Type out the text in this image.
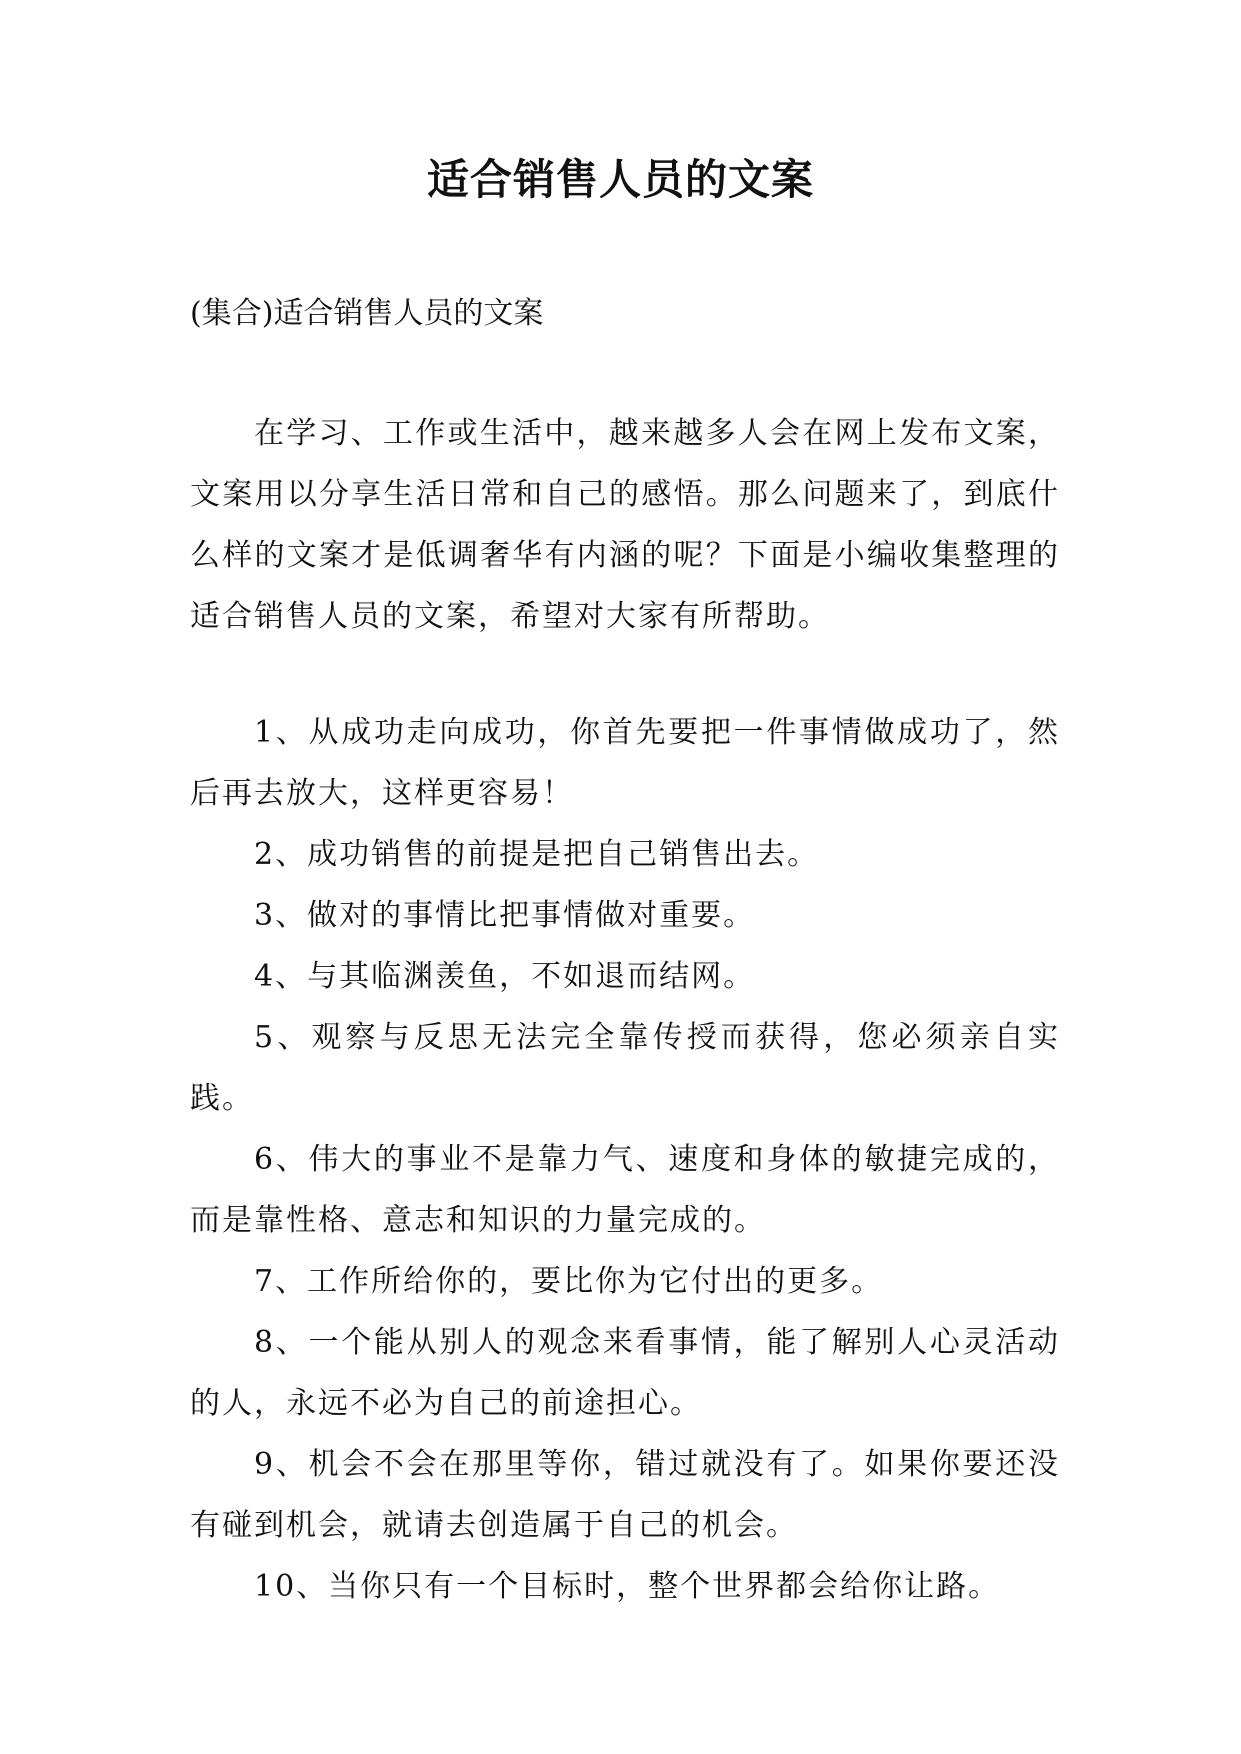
适合销售人员的文案

(集合)适合销售人员的文案

在学习、工作或生活中，越来越多人会在网上发布文案，文案用以分享生活日常和自己的感悟。那么问题来了，到底什么样的文案才是低调奢华有内涵的呢？下面是小编收集整理的适合销售人员的文案，希望对大家有所帮助。

1、从成功走向成功，你首先要把一件事情做成功了，然后再去放大，这样更容易！

2、成功销售的前提是把自己销售出去。

3、做对的事情比把事情做对重要。

4、与其临渊羡鱼，不如退而结网。

5、观察与反思无法完全靠传授而获得，您必须亲自实践。

6、伟大的事业不是靠力气、速度和身体的敏捷完成的，而是靠性格、意志和知识的力量完成的。

7、工作所给你的，要比你为它付出的更多。

8、一个能从别人的观念来看事情，能了解别人心灵活动的人，永远不必为自己的前途担心。

9、机会不会在那里等你，错过就没有了。如果你要还没有碰到机会，就请去创造属于自己的机会。

10、当你只有一个目标时，整个世界都会给你让路。
